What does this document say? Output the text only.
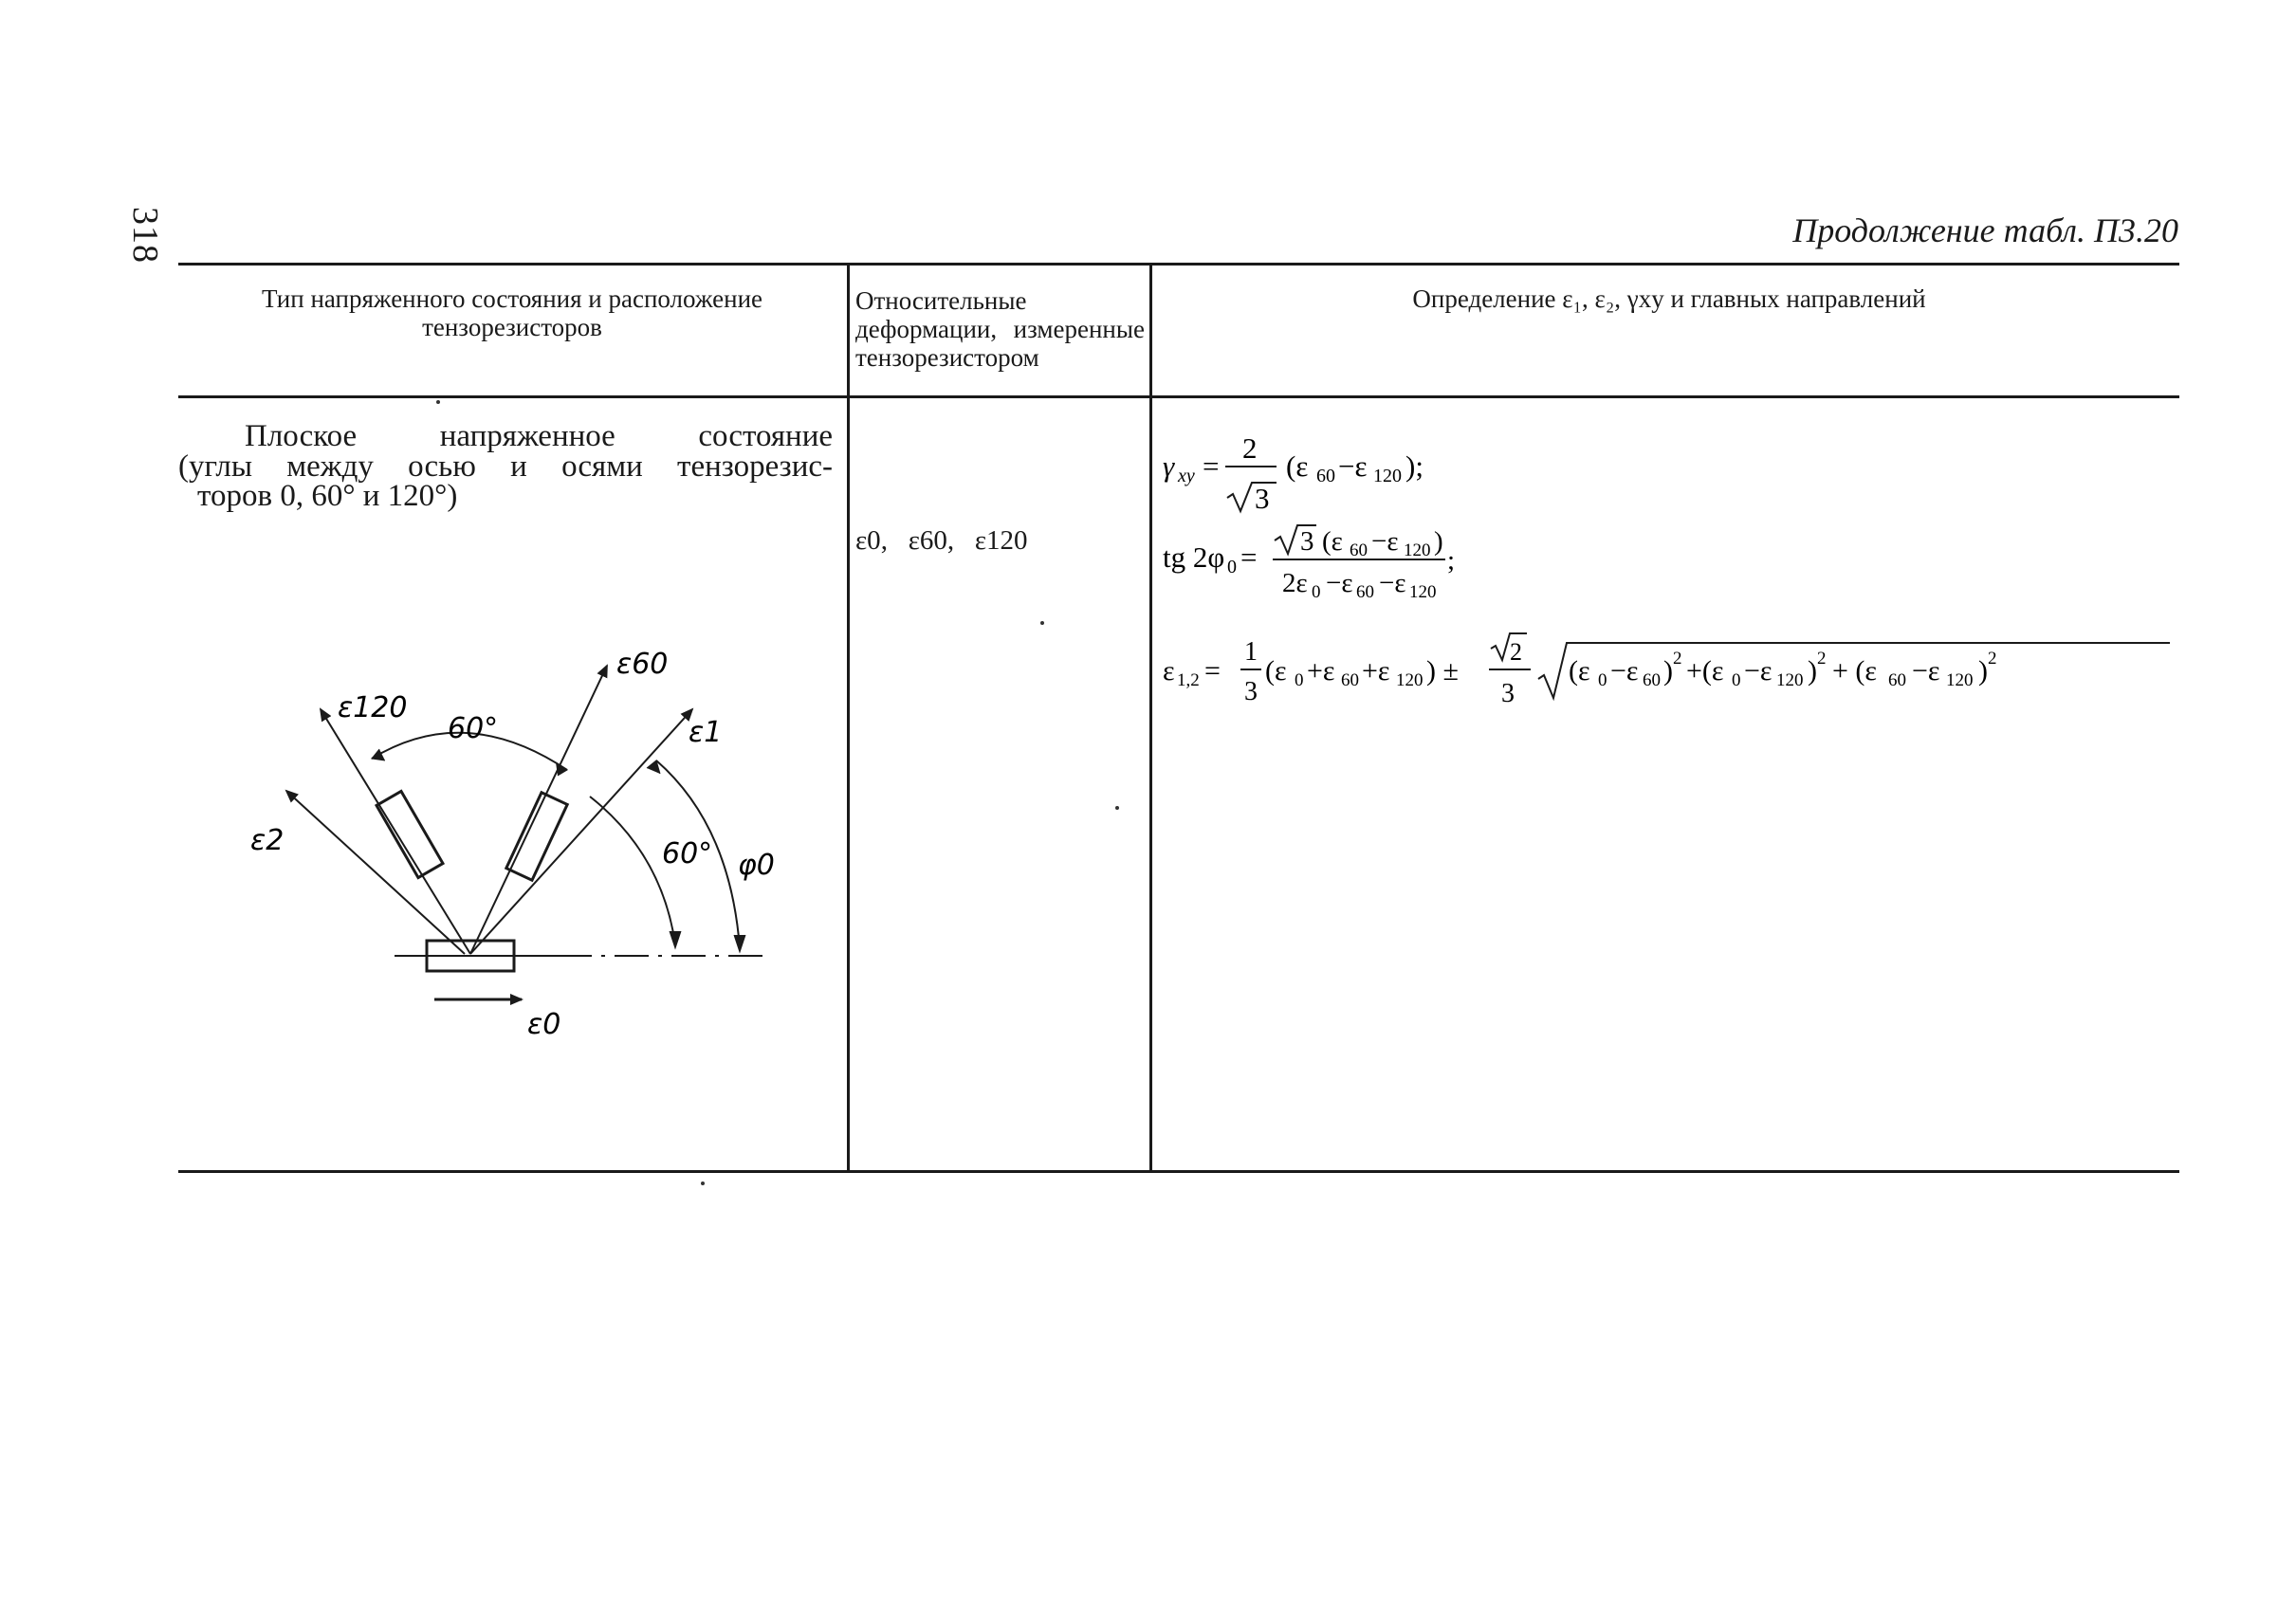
318	Продолжение табл. П3.20
Тип напряженного состояния и расположение тензорезисторов
Относительные деформации, измеренные тензорезистором
Определение ε₁, ε₂, γxy и главных направлений
Плоское напряженное состояние
(углы между осью и осями тензорезис-
торов 0, 60° и 120°)
ε0,   ε60,   ε120
γ xy =
2
3
(ε 60 −ε 120 );
tg 2φ 0 = 3 (ε 60 −ε 120 )
2ε 0 −ε 60 −ε 120
;
ε 1,2 =
1
3
(ε 0 +ε 60 +ε 120 ) ±
2
3
(ε 0 −ε 60 ) 2 +(ε 0 −ε 120 ) 2 + (ε 60 −ε 120 ) 2
ε120
60°
ε60
ε1
ε2	60° φ0
ε0
